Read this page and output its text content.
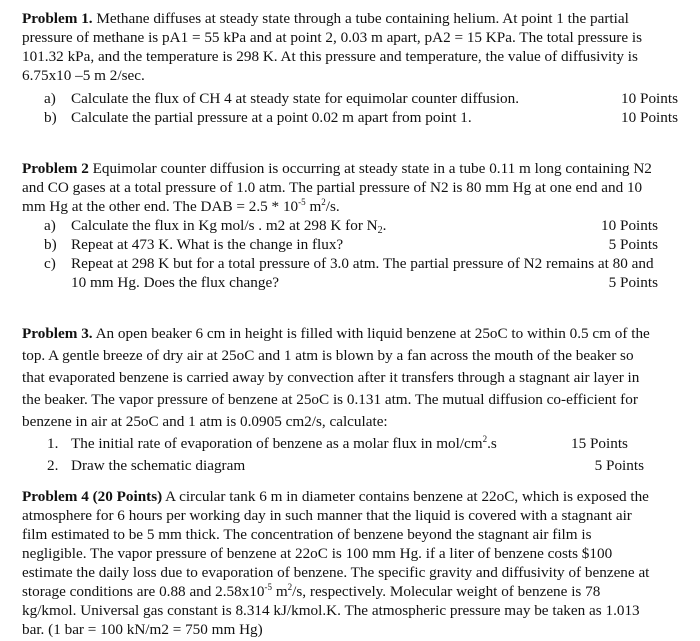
Problem 1. Methane diffuses at steady state through a tube containing helium. At point 1 the partial
pressure of methane is pA1 = 55 kPa and at point 2, 0.03 m apart, pA2 = 15 KPa. The total pressure is
101.32 kPa, and the temperature is 298 K. At this pressure and temperature, the value of diffusivity is
6.75x10 –5 m 2/sec.
a) Calculate the flux of CH 4 at steady state for equimolar counter diffusion.	10 Points
b) Calculate the partial pressure at a point 0.02 m apart from point 1.	10 Points
Problem 2 Equimolar counter diffusion is occurring at steady state in a tube 0.11 m long containing N2
and CO gases at a total pressure of 1.0 atm. The partial pressure of N2 is 80 mm Hg at one end and 10
mm Hg at the other end. The DAB = $2.5 * 10^{-5}$ $m^2/s$.
a) Calculate the flux in Kg mol/s . m2 at 298 K for $N_2$.	10 Points
b) Repeat at 473 K. What is the change in flux?	5 Points
c) Repeat at 298 K but for a total pressure of 3.0 atm. The partial pressure of N2 remains at 80 and
10 mm Hg. Does the flux change?	5 Points
Problem 3. An open beaker 6 cm in height is filled with liquid benzene at 25oC to within 0.5 cm of the
top. A gentle breeze of dry air at 25oC and 1 atm is blown by a fan across the mouth of the beaker so
that evaporated benzene is carried away by convection after it transfers through a stagnant air layer in
the beaker. The vapor pressure of benzene at 25oC is 0.131 atm. The mutual diffusion co-efficient for
benzene in air at 25oC and 1 atm is 0.0905 cm2/s, calculate:
1. The initial rate of evaporation of benzene as a molar flux in mol/$cm^2.s$	15 Points
2. Draw the schematic diagram	5 Points
Problem 4 (20 Points) A circular tank 6 m in diameter contains benzene at 22oC, which is exposed the
atmosphere for 6 hours per working day in such manner that the liquid is covered with a stagnant air
film estimated to be 5 mm thick. The concentration of benzene beyond the stagnant air film is
negligible. The vapor pressure of benzene at 22oC is 100 mm Hg. if a liter of benzene costs $100
estimate the daily loss due to evaporation of benzene. The specific gravity and diffusivity of benzene at
storage conditions are 0.88 and $2.58x10^{-5}$ $m^2/s$, respectively. Molecular weight of benzene is 78
kg/kmol. Universal gas constant is 8.314 kJ/kmol.K. The atmospheric pressure may be taken as 1.013
bar. (1 bar = 100 kN/m2 = 750 mm Hg)
